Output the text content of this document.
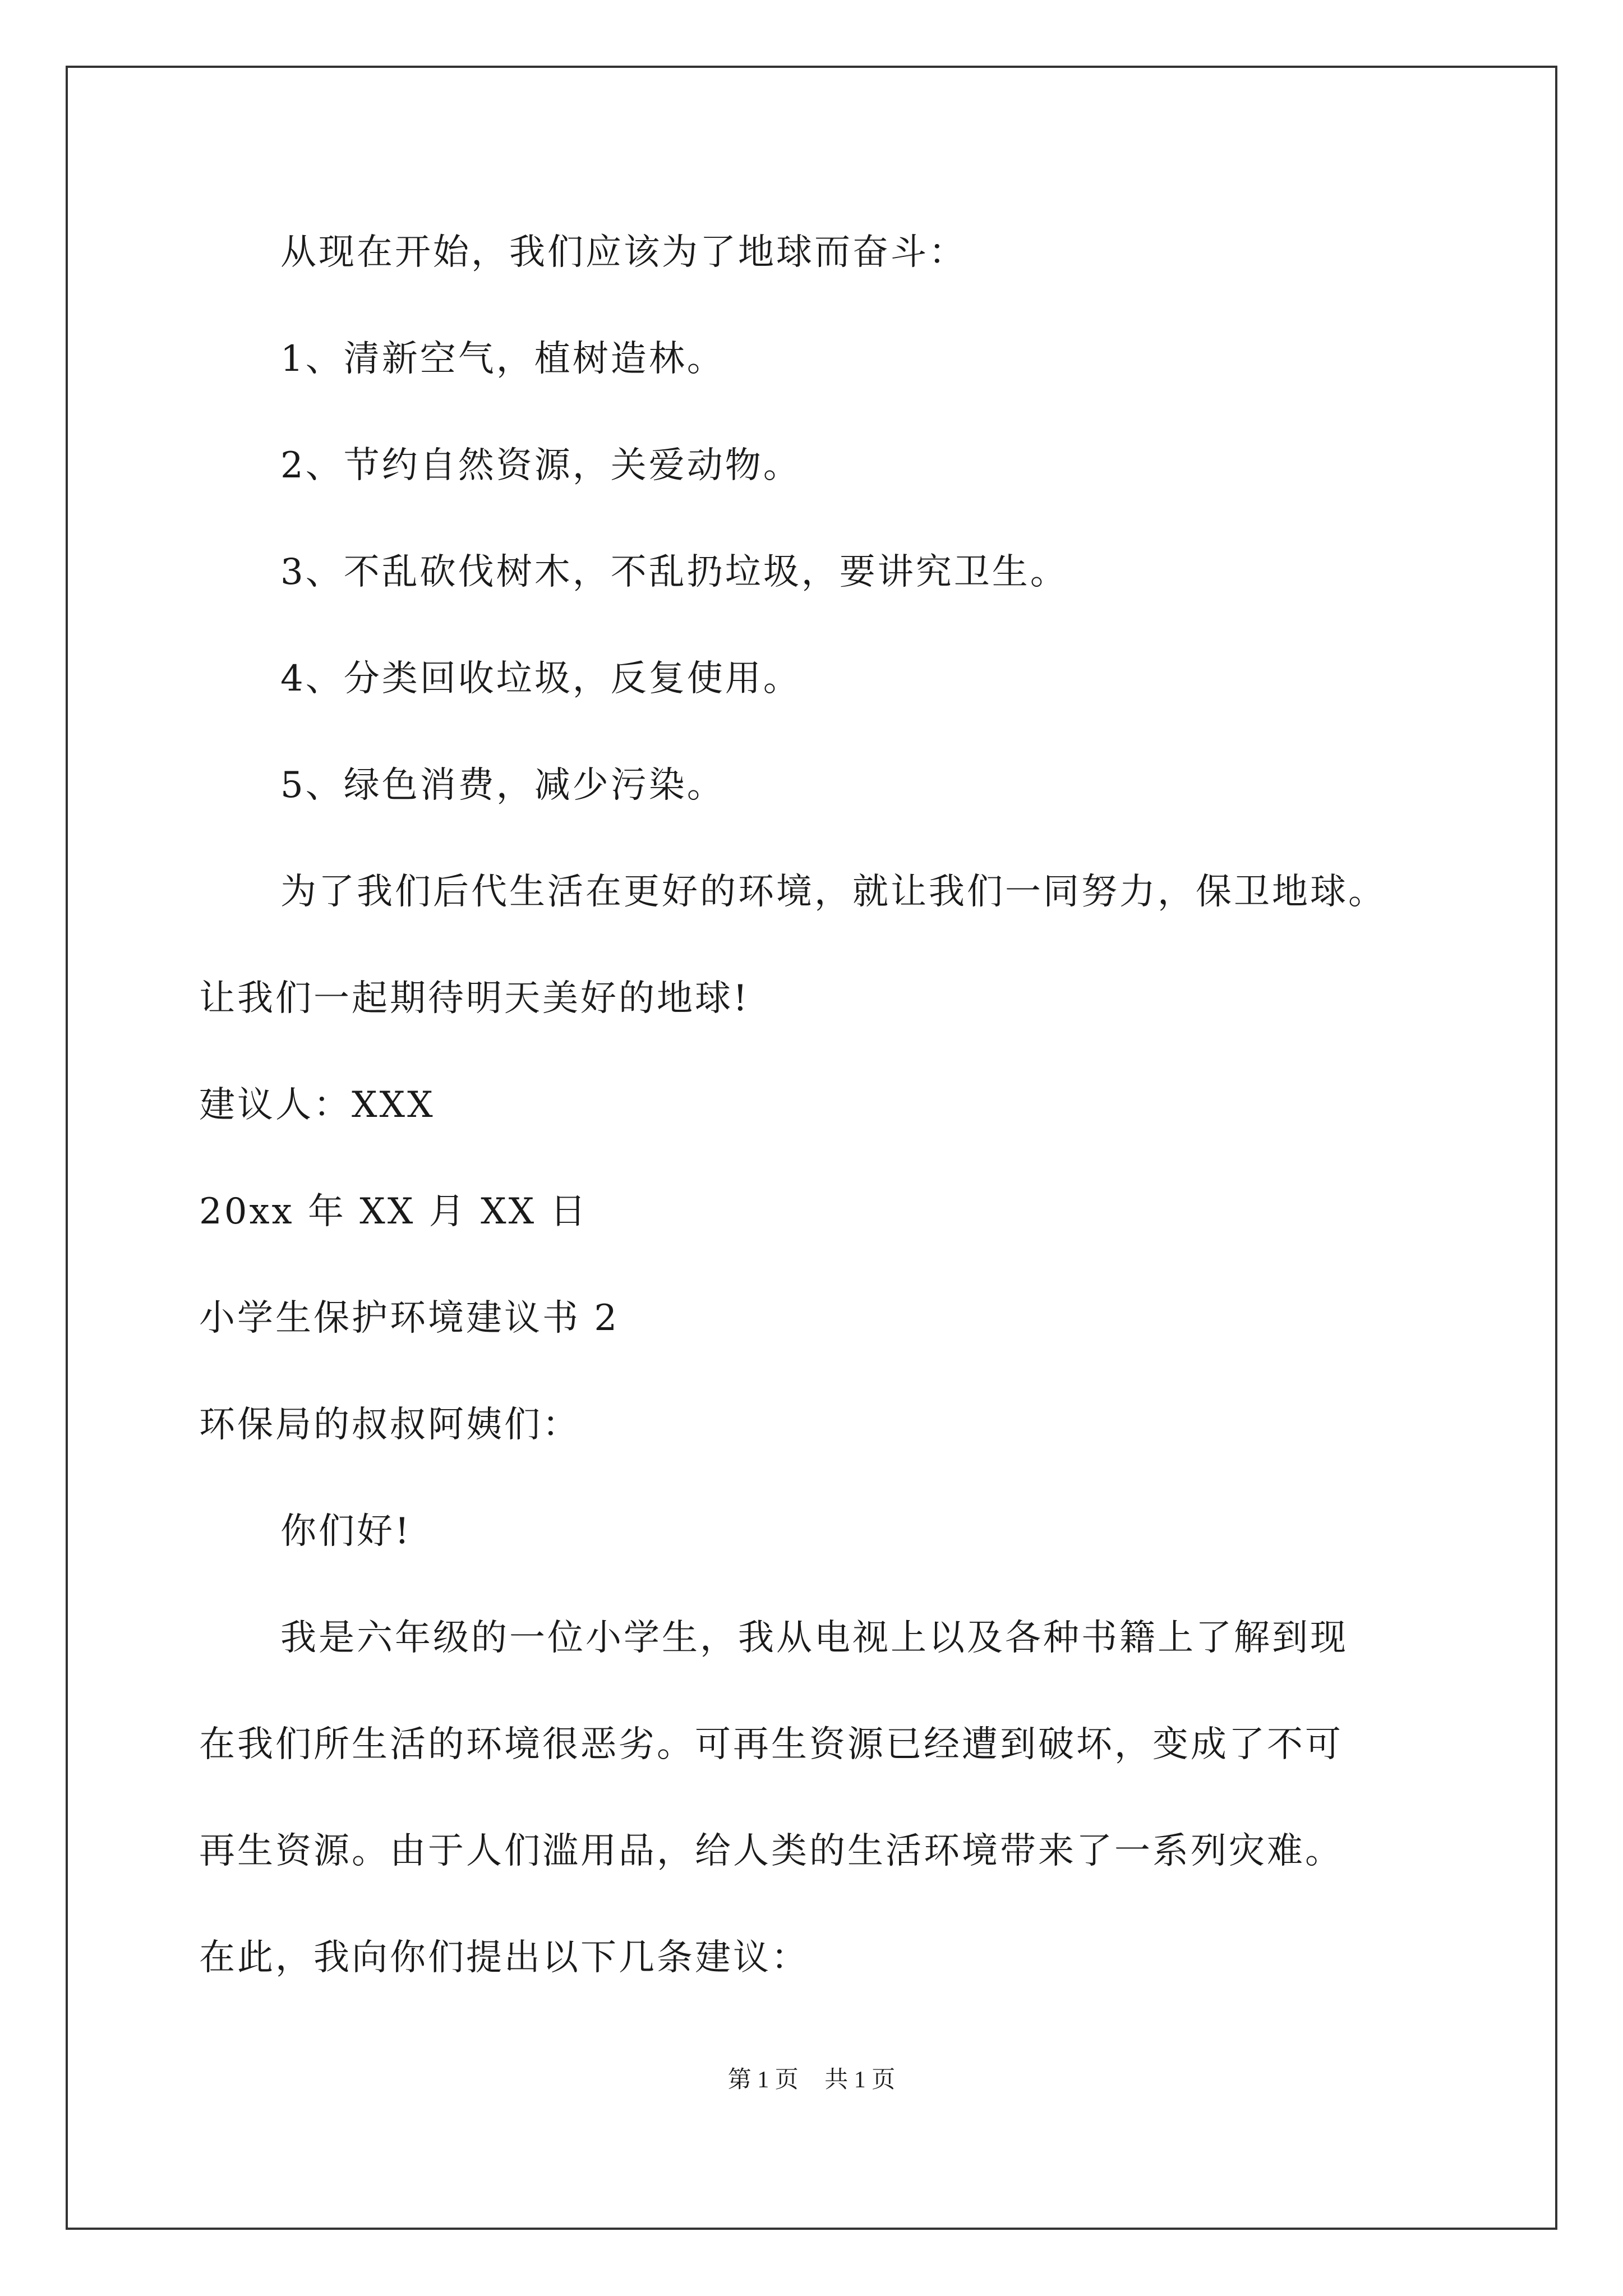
从现在开始，我们应该为了地球而奋斗：
1、清新空气，植树造林。
2、节约自然资源，关爱动物。
3、不乱砍伐树木，不乱扔垃圾，要讲究卫生。
4、分类回收垃圾，反复使用。
5、绿色消费，减少污染。
为了我们后代生活在更好的环境，就让我们一同努力，保卫地球。
让我们一起期待明天美好的地球!
建议人：XXX
20xx 年 XX 月 XX 日
小学生保护环境建议书 2
环保局的叔叔阿姨们：
你们好!
我是六年级的一位小学生，我从电视上以及各种书籍上了解到现
在我们所生活的环境很恶劣。可再生资源已经遭到破坏，变成了不可
再生资源。由于人们滥用品，给人类的生活环境带来了一系列灾难。
在此，我向你们提出以下几条建议：
第 1 页 共 1 页
